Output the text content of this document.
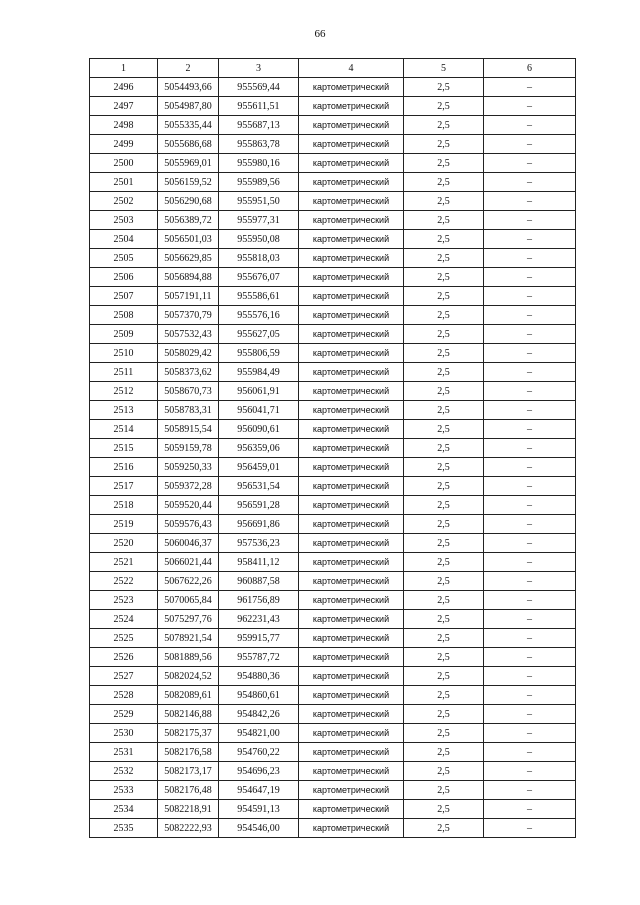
66
1	2	3	4	5	6
2496	5054493,66	955569,44	картометрический	2,5	–
2497	5054987,80	955611,51	картометрический	2,5	–
2498	5055335,44	955687,13	картометрический	2,5	–
2499	5055686,68	955863,78	картометрический	2,5	–
2500	5055969,01	955980,16	картометрический	2,5	–
2501	5056159,52	955989,56	картометрический	2,5	–
2502	5056290,68	955951,50	картометрический	2,5	–
2503	5056389,72	955977,31	картометрический	2,5	–
2504	5056501,03	955950,08	картометрический	2,5	–
2505	5056629,85	955818,03	картометрический	2,5	–
2506	5056894,88	955676,07	картометрический	2,5	–
2507	5057191,11	955586,61	картометрический	2,5	–
2508	5057370,79	955576,16	картометрический	2,5	–
2509	5057532,43	955627,05	картометрический	2,5	–
2510	5058029,42	955806,59	картометрический	2,5	–
2511	5058373,62	955984,49	картометрический	2,5	–
2512	5058670,73	956061,91	картометрический	2,5	–
2513	5058783,31	956041,71	картометрический	2,5	–
2514	5058915,54	956090,61	картометрический	2,5	–
2515	5059159,78	956359,06	картометрический	2,5	–
2516	5059250,33	956459,01	картометрический	2,5	–
2517	5059372,28	956531,54	картометрический	2,5	–
2518	5059520,44	956591,28	картометрический	2,5	–
2519	5059576,43	956691,86	картометрический	2,5	–
2520	5060046,37	957536,23	картометрический	2,5	–
2521	5066021,44	958411,12	картометрический	2,5	–
2522	5067622,26	960887,58	картометрический	2,5	–
2523	5070065,84	961756,89	картометрический	2,5	–
2524	5075297,76	962231,43	картометрический	2,5	–
2525	5078921,54	959915,77	картометрический	2,5	–
2526	5081889,56	955787,72	картометрический	2,5	–
2527	5082024,52	954880,36	картометрический	2,5	–
2528	5082089,61	954860,61	картометрический	2,5	–
2529	5082146,88	954842,26	картометрический	2,5	–
2530	5082175,37	954821,00	картометрический	2,5	–
2531	5082176,58	954760,22	картометрический	2,5	–
2532	5082173,17	954696,23	картометрический	2,5	–
2533	5082176,48	954647,19	картометрический	2,5	–
2534	5082218,91	954591,13	картометрический	2,5	–
2535	5082222,93	954546,00	картометрический	2,5	–
